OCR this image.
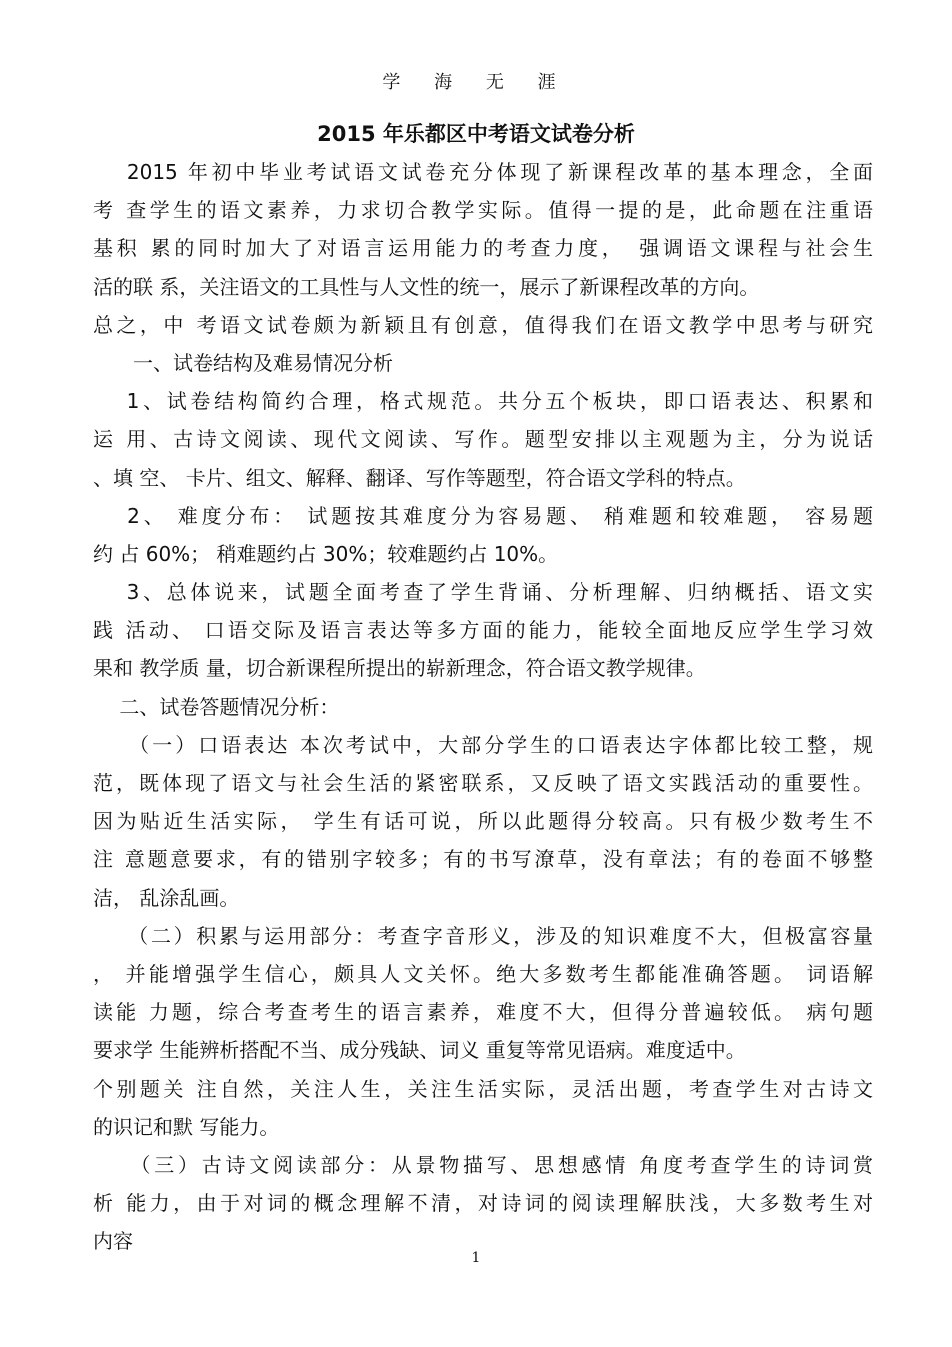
学 海 无 涯
2015 年乐都区中考语文试卷分析
　 2015 年初中毕业考试语文试卷充分体现了新课程改革的基本理念，全面
考 查学生的语文素养，力求切合教学实际。值得一提的是，此命题在注重语
基积 累的同时加大了对语言运用能力的考查力度，　强调语文课程与社会生
活的联 系，关注语文的工具性与人文性的统一，展示了新课程改革的方向。
总之，中 考语文试卷颇为新颖且有创意，值得我们在语文教学中思考与研究
　　一、试卷结构及难易情况分析
　 1、试卷结构简约合理，格式规范。共分五个板块，即口语表达、积累和
运 用、古诗文阅读、现代文阅读、写作。题型安排以主观题为主，分为说话
、填 空、 卡片、组文、解释、翻译、写作等题型，符合语文学科的特点。
　 2、 难度分布： 试题按其难度分为容易题、 稍难题和较难题， 容易题
约 占 60%； 稍难题约占 30%；较难题约占 10%。
　 3、总体说来，试题全面考查了学生背诵、分析理解、归纳概括、语文实
践 活动、 口语交际及语言表达等多方面的能力，能较全面地反应学生学习效
果和 教学质 量，切合新课程所提出的崭新理念，符合语文教学规律。
　 二、试卷答题情况分析：
　　（一）口语表达 本次考试中，大部分学生的口语表达字体都比较工整，规
范，既体现了语文与社会生活的紧密联系，又反映了语文实践活动的重要性。
因为贴近生活实际， 学生有话可说，所以此题得分较高。只有极少数考生不
注 意题意要求，有的错别字较多；有的书写潦草，没有章法；有的卷面不够整
洁， 乱涂乱画。
　　（二）积累与运用部分：考查字音形义，涉及的知识难度不大，但极富容量
， 并能增强学生信心，颇具人文关怀。绝大多数考生都能准确答题。 词语解
读能 力题，综合考查考生的语言素养，难度不大，但得分普遍较低。 病句题
要求学 生能辨析搭配不当、成分残缺、词义 重复等常见语病。难度适中。
个别题关 注自然，关注人生，关注生活实际，灵活出题，考查学生对古诗文
的识记和默 写能力。
　　（三）古诗文阅读部分：从景物描写、思想感情 角度考查学生的诗词赏
析 能力，由于对词的概念理解不清，对诗词的阅读理解肤浅，大多数考生对
内容
1
